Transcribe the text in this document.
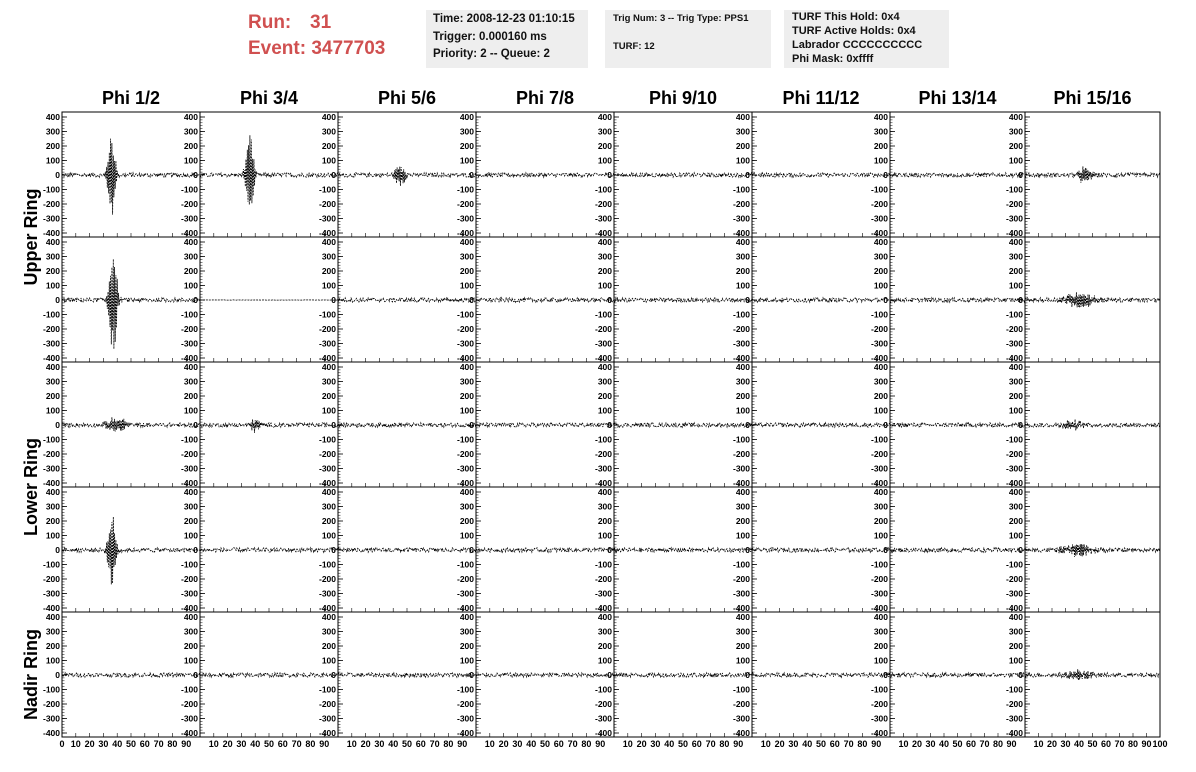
Run: 31
Event: 3477703
Time: 2008-12-23 01:10:15
Trigger: 0.000160 ms
Priority: 2 -- Queue: 2
Trig Num: 3 -- Trig Type: PPS1
TURF: 12
TURF This Hold: 0x4
TURF Active Holds: 0x4
Labrador CCCCCCCCCC
Phi Mask: 0xffff
Phi 1/2	Phi 3/4	Phi 5/6	Phi 7/8	Phi 9/10	Phi 11/12	Phi 13/14	Phi 15/16
Upper Ring
Lower Ring
Nadir Ring
-400
-300
-200
-100
0
100
200
300
400
-400
-300
-200
-100
0
100
200
300
400
-400
-300
-200
-100
0
100
200
300
400
-400
-300
-200
-100
0
100
200
300
400
-400
-300
-200
-100
0
100
200
300
400
-400
-300
-200
-100
0
100
200
300
400
-400
-300
-200
-100
0
100
200
300
400
-400
-300
-200
-100
0
100
200
300
400
-400
-300
-200
-100
0
100
200
300
400
-400
-300
-200
-100
0
100
200
300
400
-400
-300
-200
-100
0
100
200
300
400
-400
-300
-200
-100
0
100
200
300
400
-400
-300
-200
-100
0
100
200
300
400
-400
-300
-200
-100
0
100
200
300
400
-400
-300
-200
-100
0
100
200
300
400
-400
-300
-200
-100
0
100
200
300
400
-400
-300
-200
-100
0
100
200
300
400
-400
-300
-200
-100
0
100
200
300
400
-400
-300
-200
-100
0
100
200
300
400
-400
-300
-200
-100
0
100
200
300
400
-400
-300
-200
-100
0
100
200
300
400
-400
-300
-200
-100
0
100
200
300
400
-400
-300
-200
-100
0
100
200
300
400
-400
-300
-200
-100
0
100
200
300
400
-400
-300
-200
-100
0
100
200
300
400
-400
-300
-200
-100
0
100
200
300
400
-400
-300
-200
-100
0
100
200
300
400
-400
-300
-200
-100
0
100
200
300
400
-400
-300
-200
-100
0
100
200
300
400
-400
-300
-200
-100
0
100
200
300
400
-400
-300
-200
-100
0
100
200
300
400
-400
-300
-200
-100
0
100
200
300
400
-400
-300
-200
-100
0
100
200
300
400
-400
-300
-200
-100
0
100
200
300
400
-400
-300
-200
-100
0
100
200
300
400
-400
-300
-200
-100
0
100
200
300
400
-400
-300
-200
-100
0
100
200
300
400
-400
-300
-200
-100
0
100
200
300
400
-400
-300
-200
-100
0
100
200
300
400
-400
-300
-200
-100
0
100
200
300
400
0 10 20 30 40 50 60 70 80 90 10 20 30 40 50 60 70 80 90 10 20 30 40 50 60 70 80 90 10 20 30 40 50 60 70 80 90 10 20 30 40 50 60 70 80 90 10 20 30 40 50 60 70 80 90 10 20 30 40 50 60 70 80 90 10 20 30 40 50 60 70 80 90 100
